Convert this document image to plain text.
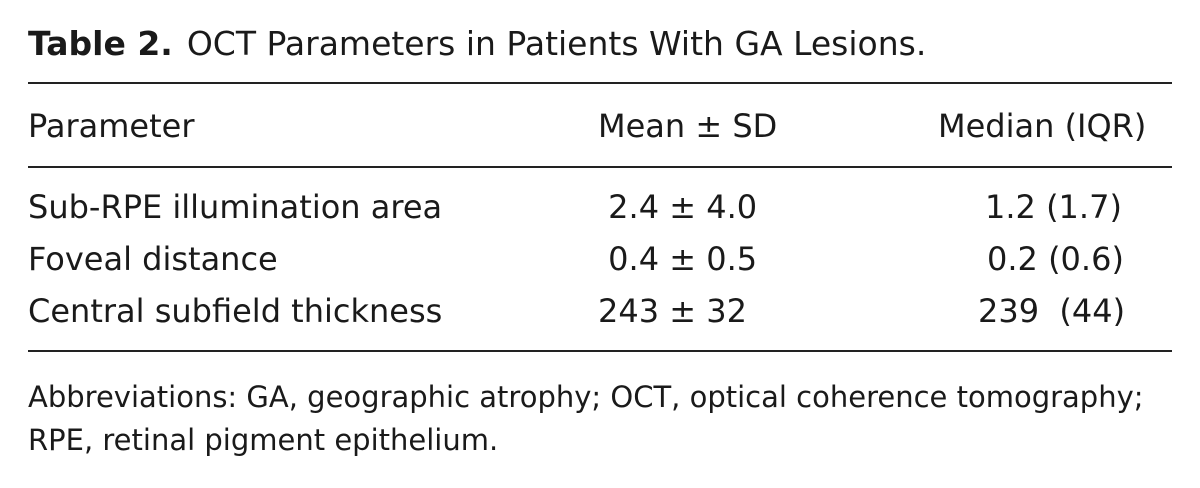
Table 2. OCT Parameters in Patients With GA Lesions.
Parameter	Mean ± SD	Median (IQR)
Sub-RPE illumination area	2.4 ± 4.0	1.2 (1.7)
Foveal distance	0.4 ± 0.5	0.2 (0.6)
Central subfield thickness	243 ± 32	239  (44)
Abbreviations: GA, geographic atrophy; OCT, optical coherence tomography; RPE, retinal pigment epithelium.
